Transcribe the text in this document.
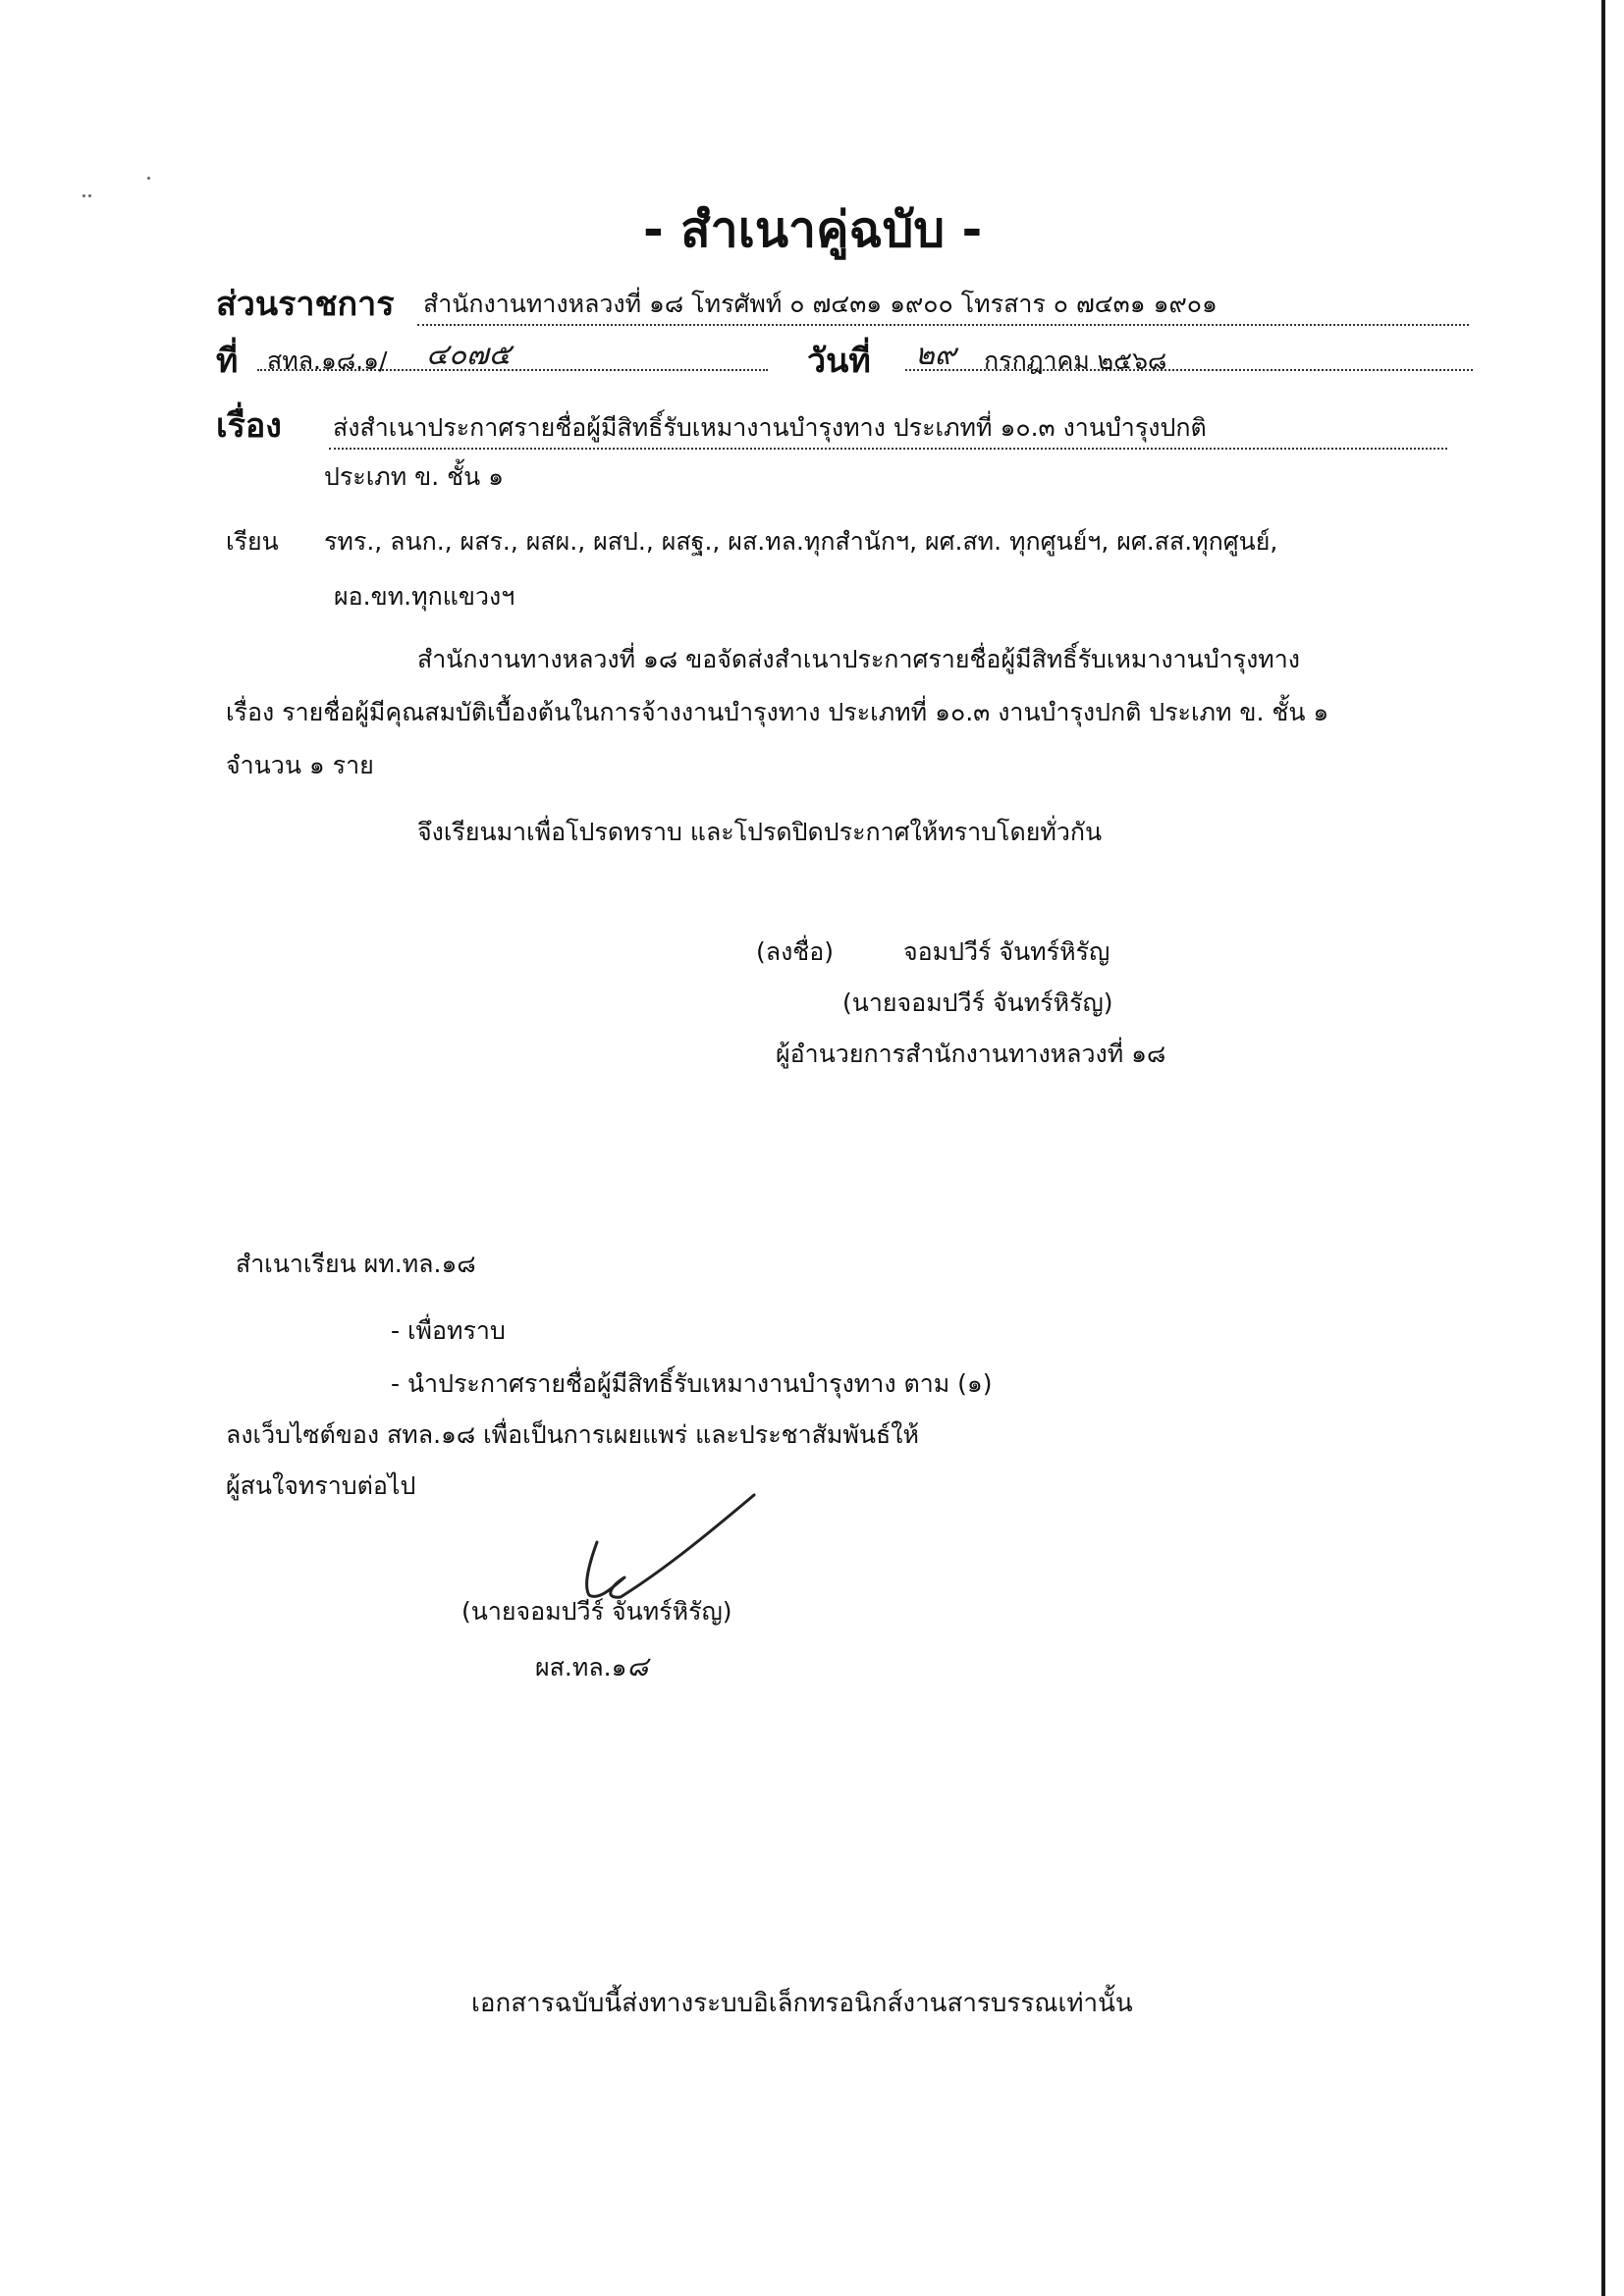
- สำเนาคู่ฉบับ -
ส่วนราชการ สำนักงานทางหลวงที่ ๑๘ โทรศัพท์ ๐ ๗๔๓๑ ๑๙๐๐ โทรสาร ๐ ๗๔๓๑ ๑๙๐๑
ที่ สทล.๑๘.๑/ ๔๐๗๕	วันที่ ๒๙ กรกฎาคม ๒๕๖๘
เรื่อง ส่งสำเนาประกาศรายชื่อผู้มีสิทธิ์รับเหมางานบำรุงทาง ประเภทที่ ๑๐.๓ งานบำรุงปกติ
ประเภท ข. ชั้น ๑
เรียน รทร., ลนก., ผสร., ผสผ., ผสป., ผสฐ., ผส.ทล.ทุกสำนักฯ, ผศ.สท. ทุกศูนย์ฯ, ผศ.สส.ทุกศูนย์,
ผอ.ขท.ทุกแขวงฯ
สำนักงานทางหลวงที่ ๑๘ ขอจัดส่งสำเนาประกาศรายชื่อผู้มีสิทธิ์รับเหมางานบำรุงทาง
เรื่อง รายชื่อผู้มีคุณสมบัติเบื้องต้นในการจ้างงานบำรุงทาง ประเภทที่ ๑๐.๓ งานบำรุงปกติ ประเภท ข. ชั้น ๑
จำนวน ๑ ราย
จึงเรียนมาเพื่อโปรดทราบ และโปรดปิดประกาศให้ทราบโดยทั่วกัน
(ลงชื่อ)	จอมปวีร์ จันทร์หิรัญ
(นายจอมปวีร์ จันทร์หิรัญ)
ผู้อำนวยการสำนักงานทางหลวงที่ ๑๘
สำเนาเรียน ผท.ทล.๑๘
- เพื่อทราบ
- นำประกาศรายชื่อผู้มีสิทธิ์รับเหมางานบำรุงทาง ตาม (๑)
ลงเว็บไซต์ของ สทล.๑๘ เพื่อเป็นการเผยแพร่ และประชาสัมพันธ์ให้
ผู้สนใจทราบต่อไป
(นายจอมปวีร์ จันทร์หิรัญ)
ผส.ทล.๑๘
เอกสารฉบับนี้ส่งทางระบบอิเล็กทรอนิกส์งานสารบรรณเท่านั้น
